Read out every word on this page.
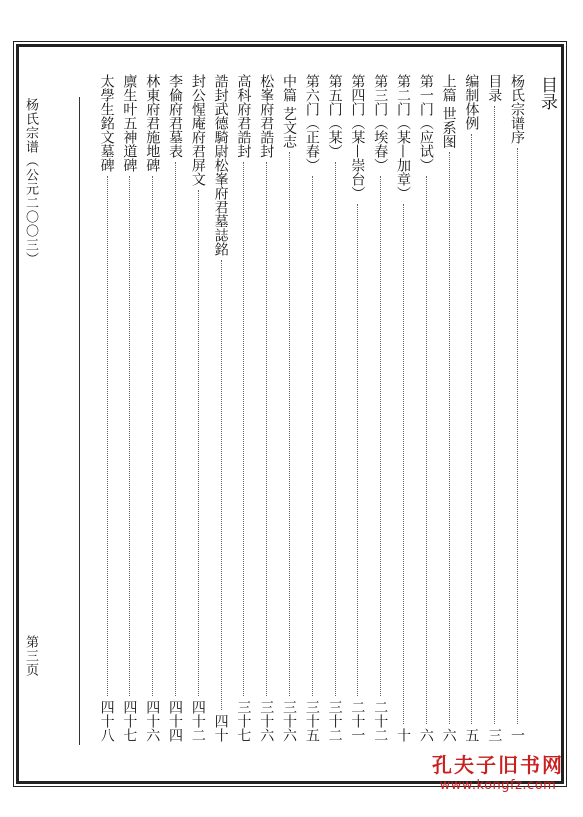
杨氏宗谱（公元二〇〇三）
第三页
目录
杨氏宗谱序
一
目录
三
编制体例
五
上篇 世系图
六
第一门（应试）
六
第二门（某—加章）
十
第三门（埃春）
二十二
第四门（某—崇台）
二十一
第五门（某）
三十二
第六门（正春）
三十五
中篇 艺文志
三十六
松峯府君誥封
三十六
高科府君誥封
三十七
誥封武德騎尉松峯府君墓誌銘
四十
封公惺庵府君屏文
四十二
李倫府君墓表
四十四
林東府君施地碑
四十六
廪生叶五神道碑
四十七
太學生銘文墓碑
四十八
孔夫子旧书网
www.kongfz.com
